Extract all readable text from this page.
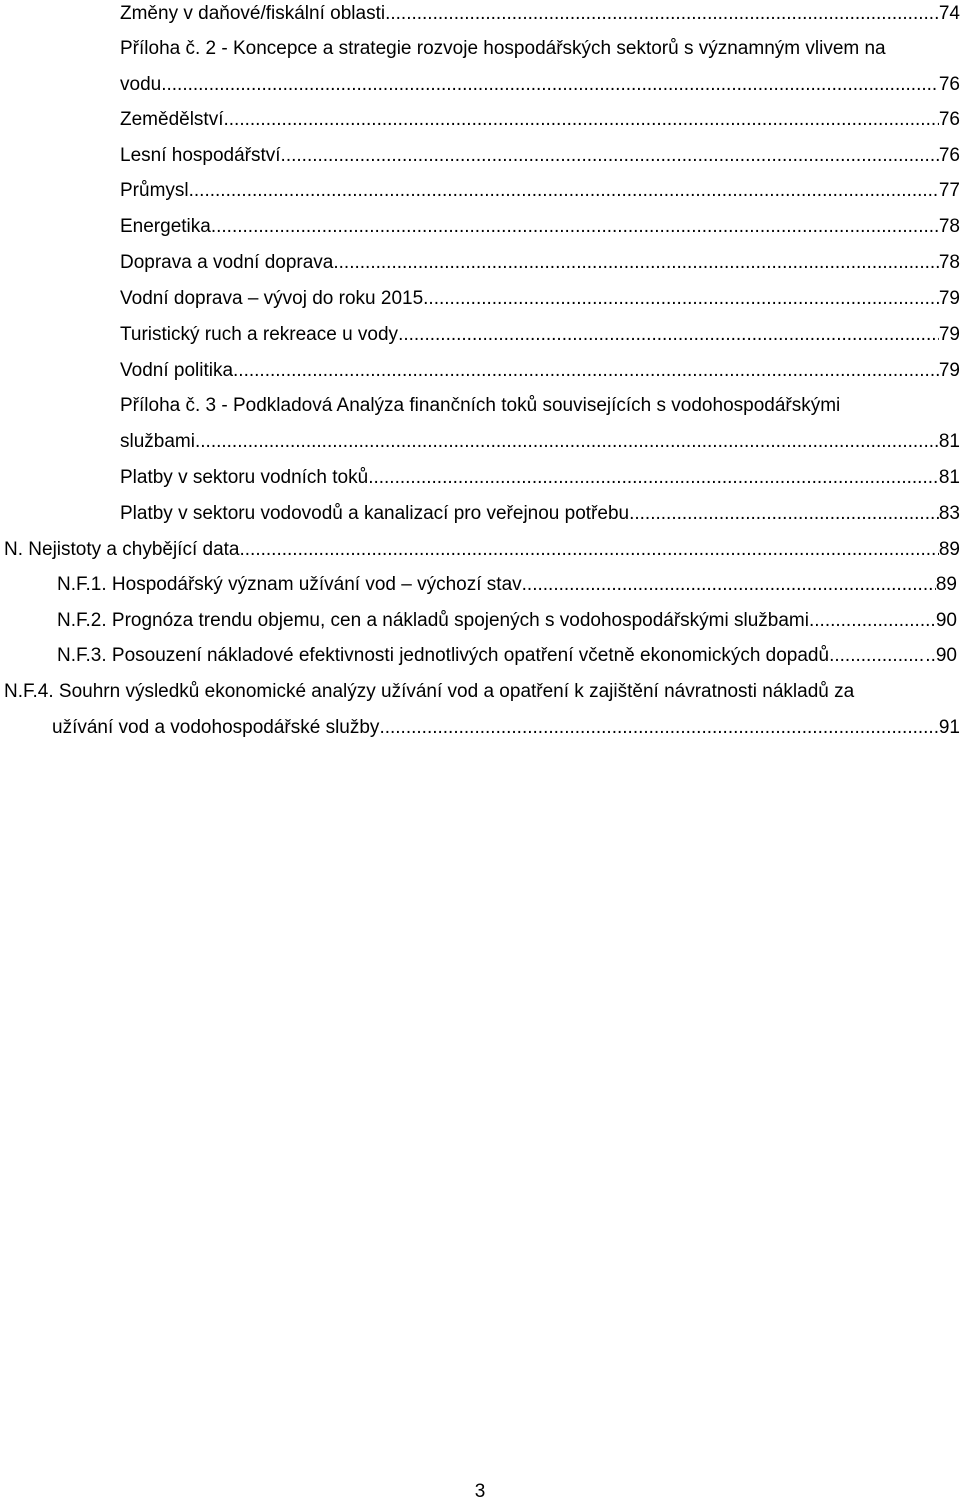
Změny v daňové/fiskální oblasti .....	74
Příloha č. 2 - Koncepce a strategie rozvoje hospodářských sektorů s významným vlivem na
vodu .....	76
Zemědělství .....	76
Lesní hospodářství .....	76
Průmysl .....	77
Energetika .....	78
Doprava a vodní doprava .....	78
Vodní doprava – vývoj do roku 2015 .....	79
Turistický ruch a rekreace u vody .....	79
Vodní politika .....	79
Příloha č. 3 - Podkladová Analýza finančních toků souvisejících s vodohospodářskými
službami .....	81
Platby v sektoru vodních toků .....	81
Platby v sektoru vodovodů a kanalizací pro veřejnou potřebu .....	83
N. Nejistoty a chybějící data .....	89
N.F.1. Hospodářský význam užívání vod – výchozí stav .....	89
N.F.2. Prognóza trendu objemu, cen a nákladů spojených s vodohospodářskými službami .....	90
N.F.3. Posouzení nákladové efektivnosti jednotlivých opatření včetně ekonomických dopadů .....	..90
N.F.4. Souhrn výsledků ekonomické analýzy užívání vod a opatření k zajištění návratnosti nákladů za
užívání vod a vodohospodářské služby .....	91
3
